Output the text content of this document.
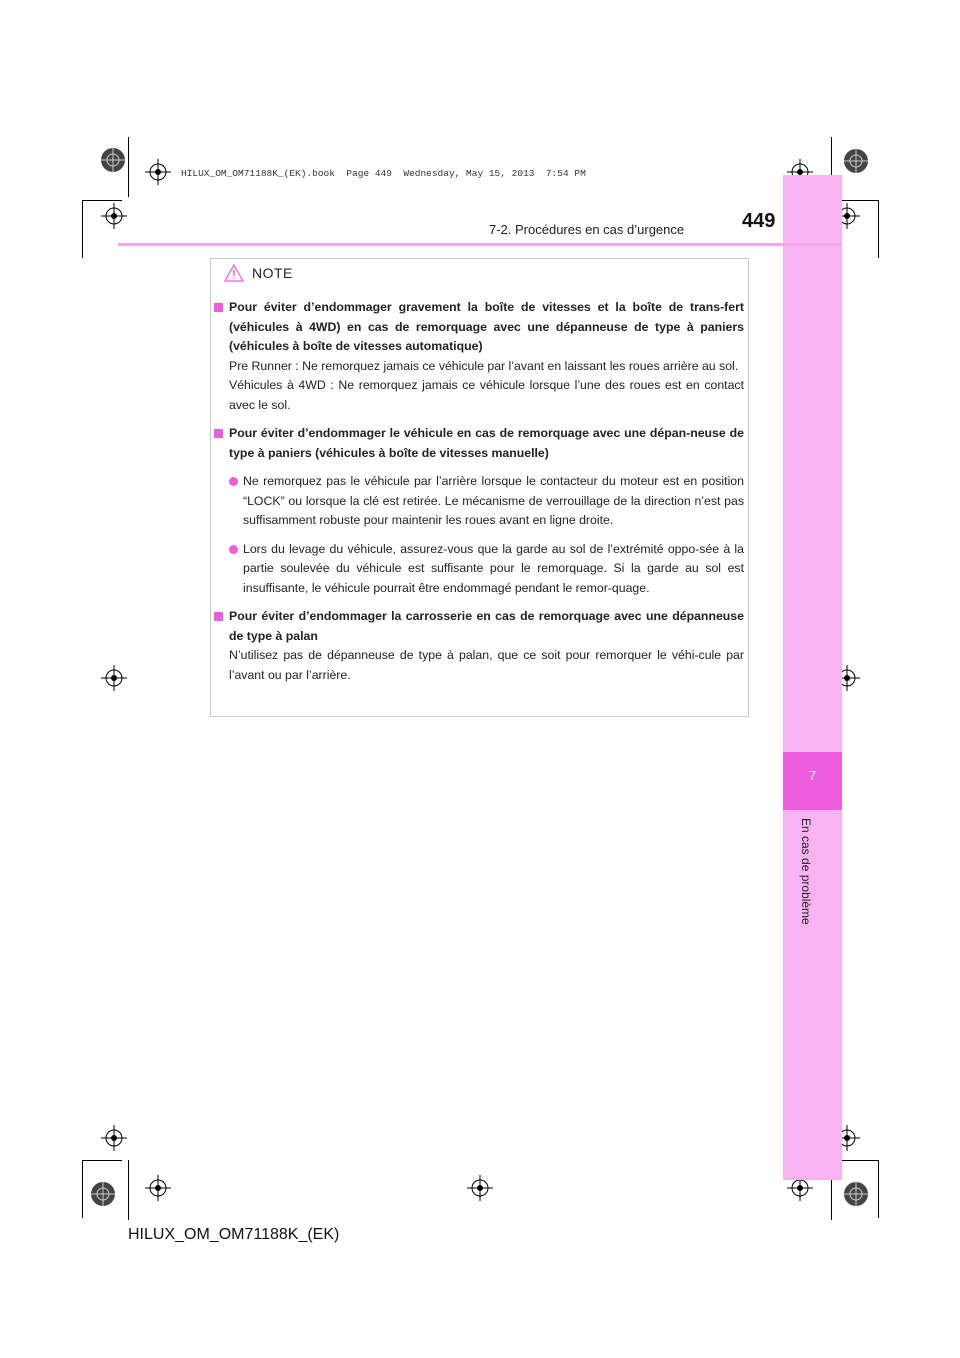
HILUX_OM_OM71188K_(EK).book  Page 449  Wednesday, May 15, 2013  7:54 PM
7
En cas de problème
7-2. Procédures en cas d’urgence	449
NOTE
Pour éviter d’endommager gravement la boîte de vitesses et la boîte de trans-fert (véhicules à 4WD) en cas de remorquage avec une dépanneuse de type à paniers (véhicules à boîte de vitesses automatique)
Pre Runner : Ne remorquez jamais ce véhicule par l’avant en laissant les roues arrière au sol.
Véhicules à 4WD : Ne remorquez jamais ce véhicule lorsque l’une des roues est en contact avec le sol.
Pour éviter d’endommager le véhicule en cas de remorquage avec une dépan-neuse de type à paniers (véhicules à boîte de vitesses manuelle)
Ne remorquez pas le véhicule par l’arrière lorsque le contacteur du moteur est en position “LOCK” ou lorsque la clé est retirée. Le mécanisme de verrouillage de la direction n’est pas suffisamment robuste pour maintenir les roues avant en ligne droite.
Lors du levage du véhicule, assurez-vous que la garde au sol de l’extrémité oppo-sée à la partie soulevée du véhicule est suffisante pour le remorquage. Si la garde au sol est insuffisante, le véhicule pourrait être endommagé pendant le remor-quage.
Pour éviter d’endommager la carrosserie en cas de remorquage avec une dépanneuse de type à palan
N’utilisez pas de dépanneuse de type à palan, que ce soit pour remorquer le véhi-cule par l’avant ou par l’arrière.
HILUX_OM_OM71188K_(EK)
